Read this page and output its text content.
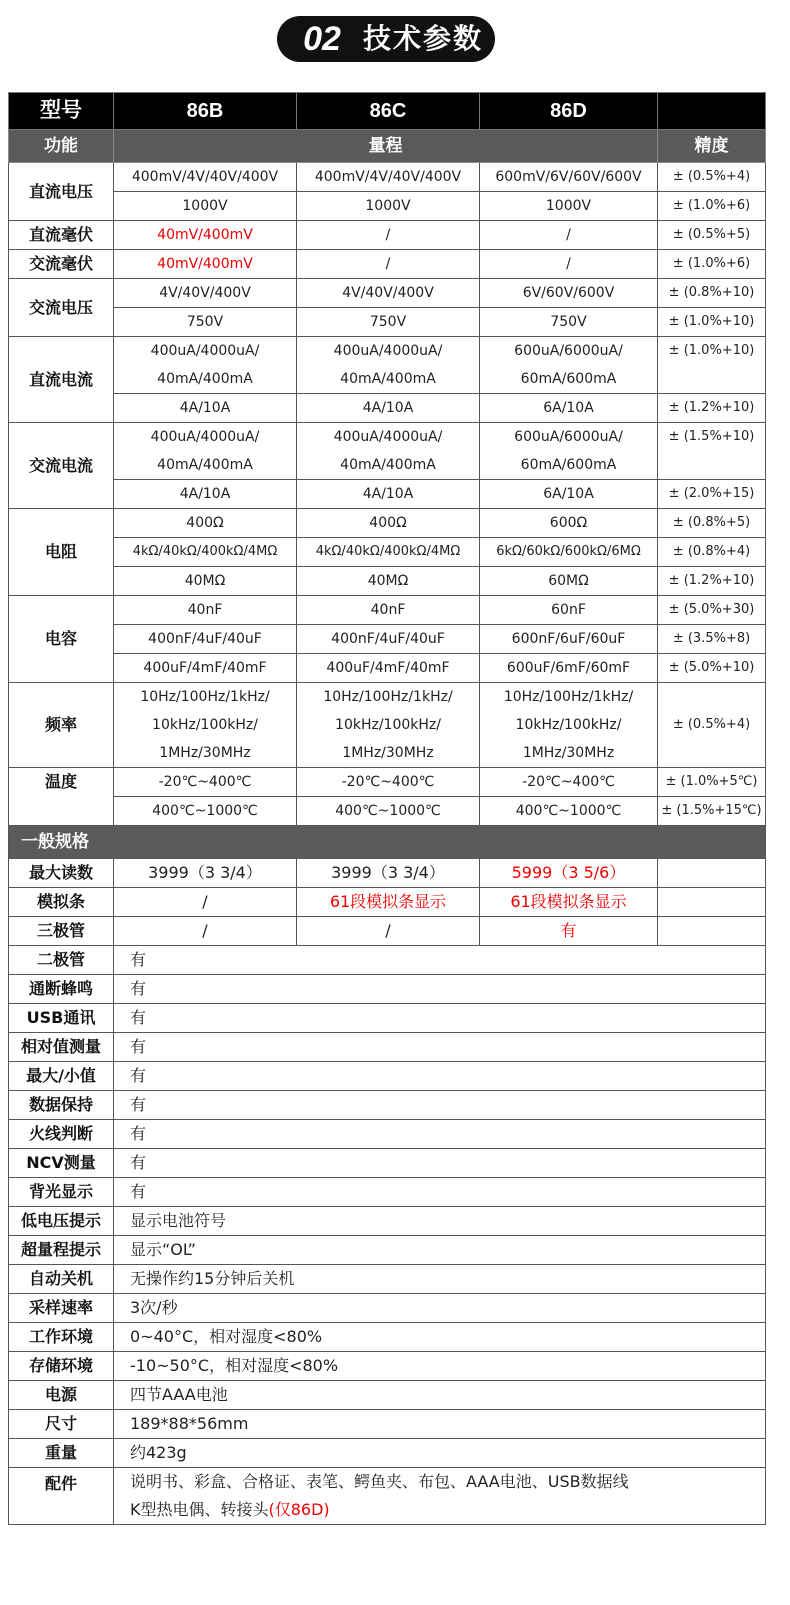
02 技术参数
型号	86B	86C	86D	
功能	量程			精度
直流电压	400mV/4V/40V/400V	400mV/4V/40V/400V	600mV/6V/60V/600V	± (0.5%+4)
	1000V	1000V	1000V	± (1.0%+6)
直流毫伏	40mV/400mV	/	/	± (0.5%+5)
交流毫伏	40mV/400mV	/	/	± (1.0%+6)
交流电压	4V/40V/400V	4V/40V/400V	6V/60V/600V	± (0.8%+10)
	750V	750V	750V	± (1.0%+10)
直流电流	400uA/4000uA/	400uA/4000uA/	600uA/6000uA/	± (1.0%+10)
	40mA/400mA	40mA/400mA	60mA/600mA	
	4A/10A	4A/10A	6A/10A	± (1.2%+10)
交流电流	400uA/4000uA/	400uA/4000uA/	600uA/6000uA/	± (1.5%+10)
	40mA/400mA	40mA/400mA	60mA/600mA	
	4A/10A	4A/10A	6A/10A	± (2.0%+15)
电阻	400Ω	400Ω	600Ω	± (0.8%+5)
	4kΩ/40kΩ/400kΩ/4MΩ	4kΩ/40kΩ/400kΩ/4MΩ	6kΩ/60kΩ/600kΩ/6MΩ	± (0.8%+4)
	40MΩ	40MΩ	60MΩ	± (1.2%+10)
电容	40nF	40nF	60nF	± (5.0%+30)
	400nF/4uF/40uF	400nF/4uF/40uF	600nF/6uF/60uF	± (3.5%+8)
	400uF/4mF/40mF	400uF/4mF/40mF	600uF/6mF/60mF	± (5.0%+10)
频率	10Hz/100Hz/1kHz/	10Hz/100Hz/1kHz/	10Hz/100Hz/1kHz/	± (0.5%+4)
	10kHz/100kHz/	10kHz/100kHz/	10kHz/100kHz/	
	1MHz/30MHz	1MHz/30MHz	1MHz/30MHz	
温度	-20℃~400℃	-20℃~400℃	-20℃~400℃	± (1.0%+5℃)
	400℃~1000℃	400℃~1000℃	400℃~1000℃	± (1.5%+15℃)
一般规格				
最大读数	3999（3 3/4）	3999（3 3/4）	5999（3 5/6）	
模拟条	/	61段模拟条显示	61段模拟条显示	
三极管	/	/	有	
二极管	有			
通断蜂鸣	有			
USB通讯	有			
相对值测量	有			
最大/小值	有			
数据保持	有			
火线判断	有			
NCV测量	有			
背光显示	有			
低电压提示	显示电池符号			
超量程提示	显示“OL”			
自动关机	无操作约15分钟后关机			
采样速率	3次/秒			
工作环境	0~40°C，相对湿度<80%			
存储环境	-10~50°C，相对湿度<80%			
电源	四节AAA电池			
尺寸	189*88*56mm			
重量	约423g			
配件	说明书、彩盒、合格证、表笔、鳄鱼夹、布包、AAA电池、USB数据线			
	K型热电偶、转接头(仅86D)			
